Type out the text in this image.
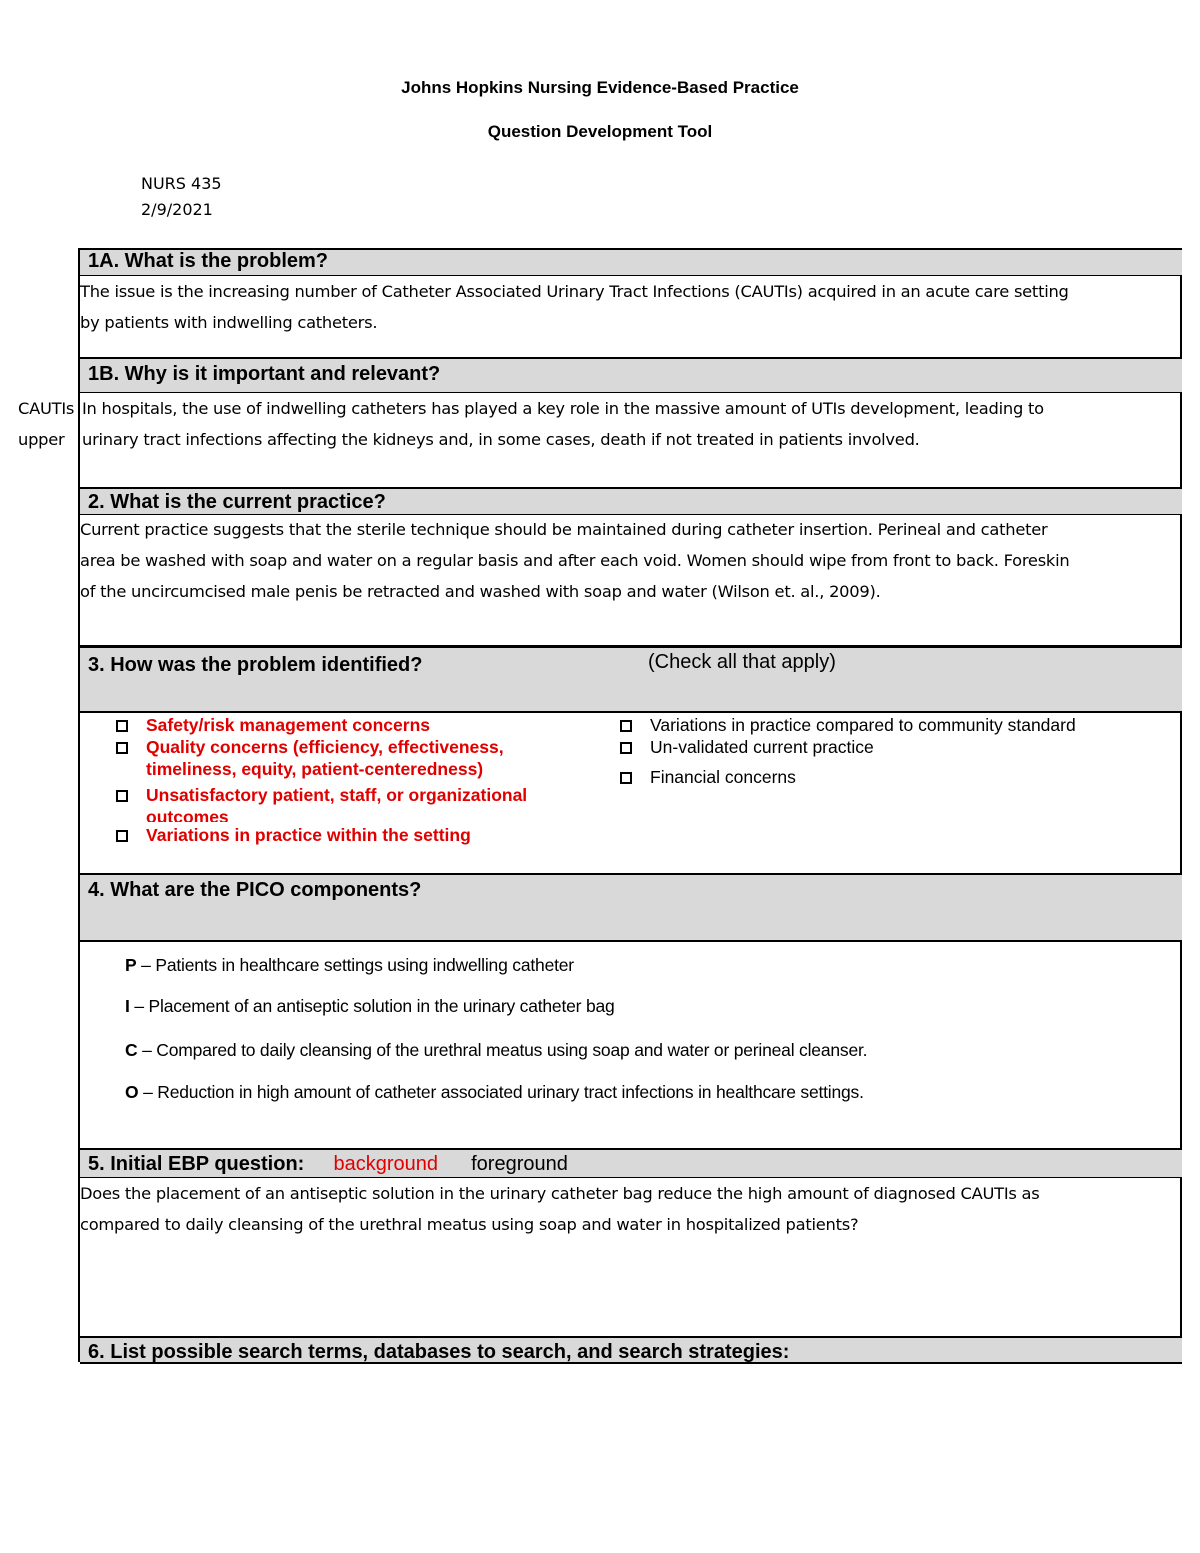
Johns Hopkins Nursing Evidence-Based Practice
Question Development Tool
NURS 435
2/9/2021
1A. What is the problem?
The issue is the increasing number of Catheter Associated Urinary Tract Infections (CAUTIs) acquired in an acute care setting
by patients with indwelling catheters.
1B. Why is it important and relevant?
CAUTIs
upper
In hospitals, the use of indwelling catheters has played a key role in the massive amount of UTIs development, leading to
urinary tract infections affecting the kidneys and, in some cases, death if not treated in patients involved.
2. What is the current practice?
Current practice suggests that the sterile technique should be maintained during catheter insertion. Perineal and catheter
area be washed with soap and water on a regular basis and after each void. Women should wipe from front to back. Foreskin
of the uncircumcised male penis be retracted and washed with soap and water (Wilson et. al., 2009).
3. How was the problem identified?	(Check all that apply)
Safety/risk management concerns
Quality concerns (efficiency, effectiveness,
timeliness, equity, patient-centeredness)
Unsatisfactory patient, staff, or organizational
outcomes
Variations in practice within the setting
Variations in practice compared to community standard
Un-validated current practice
Financial concerns
4. What are the PICO components?
P – Patients in healthcare settings using indwelling catheter
I – Placement of an antiseptic solution in the urinary catheter bag
C – Compared to daily cleansing of the urethral meatus using soap and water or perineal cleanser.
O – Reduction in high amount of catheter associated urinary tract infections in healthcare settings.
5. Initial EBP question:  background  foreground
Does the placement of an antiseptic solution in the urinary catheter bag reduce the high amount of diagnosed CAUTIs as
compared to daily cleansing of the urethral meatus using soap and water in hospitalized patients?
6. List possible search terms, databases to search, and search strategies:
